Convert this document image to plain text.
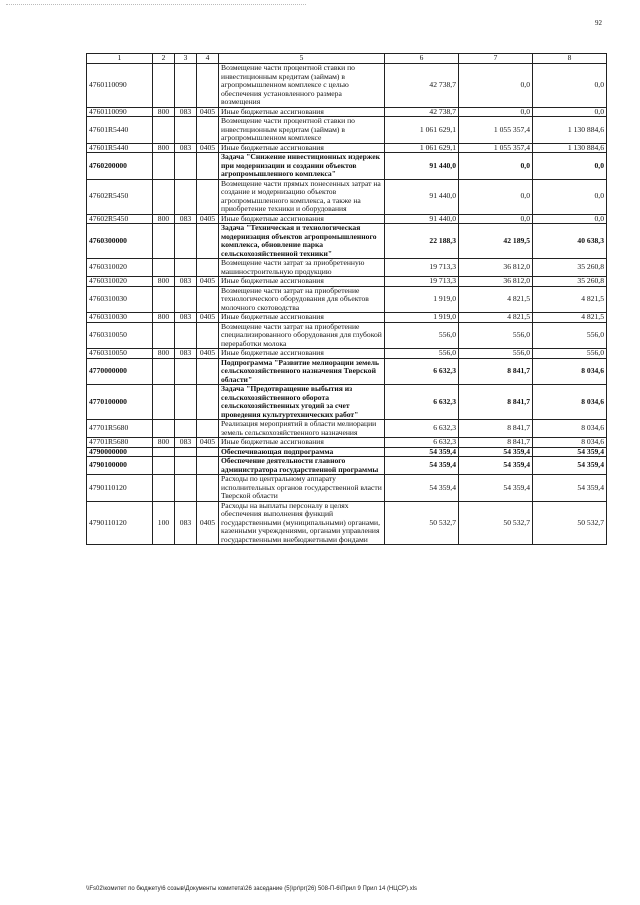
92
1	2	3	4	5	6	7	8
4760110090				Возмещение части процентной ставки по инвестиционным кредитам (займам) в агропромышленном комплексе с целью обеспечения установленного размера возмещения	42 738,7	0,0	0,0
4760110090	800	083	0405	Иные бюджетные ассигнования	42 738,7	0,0	0,0
47601R5440				Возмещение части процентной ставки по инвестиционным кредитам (займам) в агропромышленном комплексе	1 061 629,1	1 055 357,4	1 130 884,6
47601R5440	800	083	0405	Иные бюджетные ассигнования	1 061 629,1	1 055 357,4	1 130 884,6
4760200000				Задача "Снижение инвестиционных издержек при модернизации и создании объектов агропромышленного комплекса"	91 440,0	0,0	0,0
47602R5450				Возмещение части прямых понесенных затрат на создание и модернизацию объектов агропромышленного комплекса, а также на приобретение техники и оборудования	91 440,0	0,0	0,0
47602R5450	800	083	0405	Иные бюджетные ассигнования	91 440,0	0,0	0,0
4760300000				Задача "Техническая и технологическая модернизация объектов агропромышленного комплекса, обновление парка сельскохозяйственной техники"	22 188,3	42 189,5	40 638,3
4760310020				Возмещение части затрат за приобретенную машиностроительную продукцию	19 713,3	36 812,0	35 260,8
4760310020	800	083	0405	Иные бюджетные ассигнования	19 713,3	36 812,0	35 260,8
4760310030				Возмещение части затрат на приобретение технологического оборудования для объектов молочного скотоводства	1 919,0	4 821,5	4 821,5
4760310030	800	083	0405	Иные бюджетные ассигнования	1 919,0	4 821,5	4 821,5
4760310050				Возмещение части затрат на приобретение специализированного оборудования для глубокой переработки молока	556,0	556,0	556,0
4760310050	800	083	0405	Иные бюджетные ассигнования	556,0	556,0	556,0
4770000000				Подпрограмма "Развитие мелиорации земель сельскохозяйственного назначения Тверской области"	6 632,3	8 841,7	8 034,6
4770100000				Задача "Предотвращение выбытия из сельскохозяйственного оборота сельскохозяйственных угодий за счет проведения культуртехнических работ"	6 632,3	8 841,7	8 034,6
47701R5680				Реализация мероприятий в области мелиорации земель сельскохозяйственного назначения	6 632,3	8 841,7	8 034,6
47701R5680	800	083	0405	Иные бюджетные ассигнования	6 632,3	8 841,7	8 034,6
4790000000				Обеспечивающая подпрограмма	54 359,4	54 359,4	54 359,4
4790100000				Обеспечение деятельности главного администратора государственной программы	54 359,4	54 359,4	54 359,4
4790110120				Расходы по центральному аппарату исполнительных органов государственной власти Тверской области	54 359,4	54 359,4	54 359,4
4790110120	100	083	0405	Расходы на выплаты персоналу в целях обеспечения выполнения функций государственными (муниципальными) органами, казенными учреждениями, органами управления государственными внебюджетными фондами	50 532,7	50 532,7	50 532,7
\\Fs02\комитет по бюджету\6 созыв\Документы комитета\26 заседание (5)\pr\pr(26) 508-П-6\Прил 9 Прил 14 (НЦСР).xls
